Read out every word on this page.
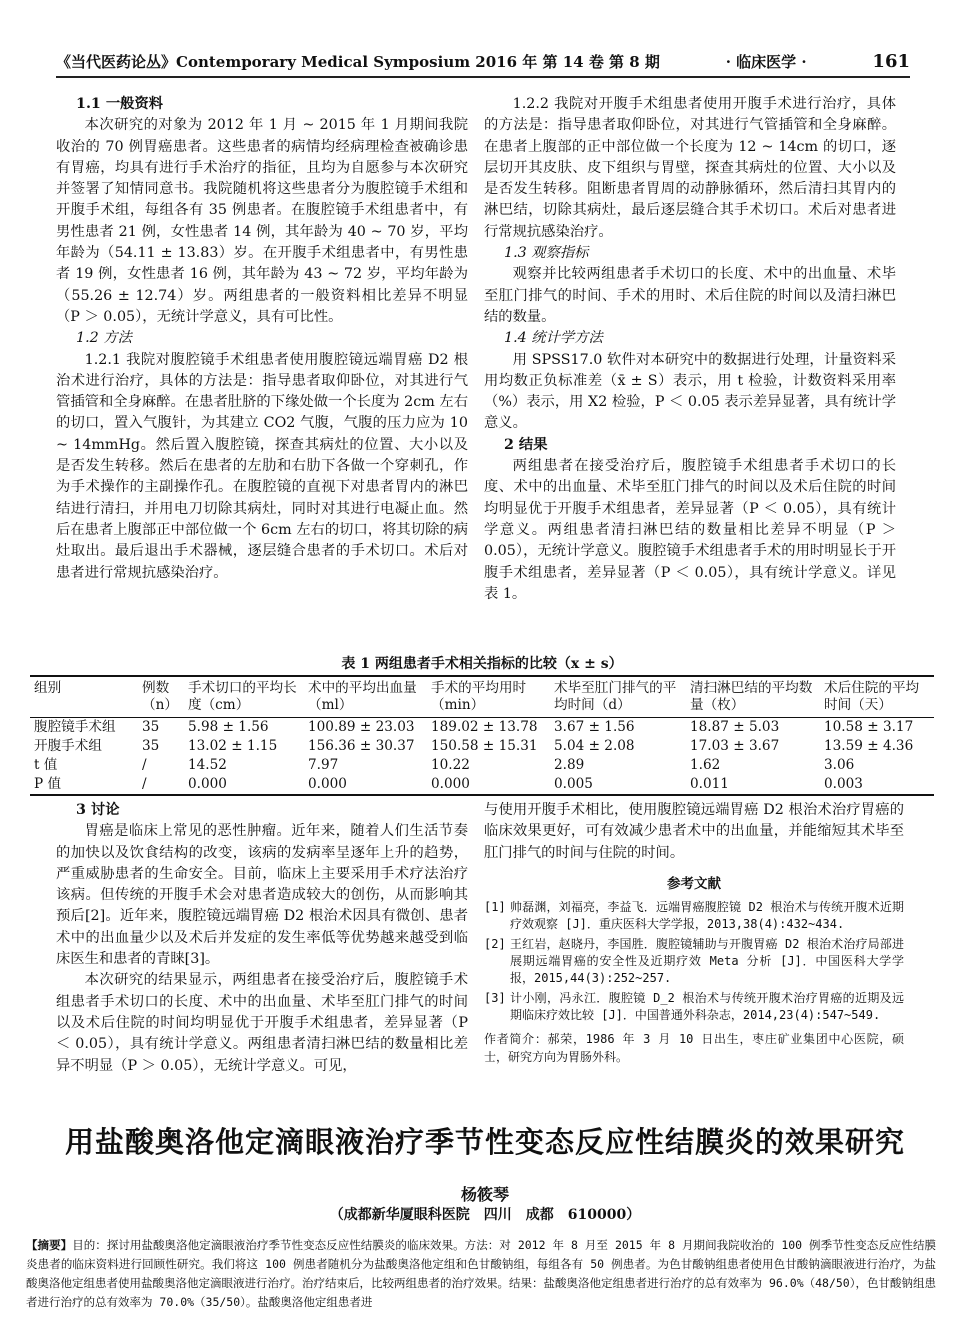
《当代医药论丛》Contemporary Medical Symposium 2016 年 第 14 卷 第 8 期	· 临床医学 ·	161

1.1 一般资料

本次研究的对象为 2012 年 1 月 ~ 2015 年 1 月期间我院收治的 70 例胃癌患者。这些患者的病情均经病理检查被确诊患有胃癌，均具有进行手术治疗的指征，且均为自愿参与本次研究并签署了知情同意书。我院随机将这些患者分为腹腔镜手术组和开腹手术组，每组各有 35 例患者。在腹腔镜手术组患者中，有男性患者 21 例，女性患者 14 例，其年龄为 40 ~ 70 岁，平均年龄为（54.11 ± 13.83）岁。在开腹手术组患者中，有男性患者 19 例，女性患者 16 例，其年龄为 43 ~ 72 岁，平均年龄为（55.26 ± 12.74）岁。两组患者的一般资料相比差异不明显（P ＞ 0.05），无统计学意义，具有可比性。

1.2 方法

1.2.1 我院对腹腔镜手术组患者使用腹腔镜远端胃癌 D2 根治术进行治疗，具体的方法是：指导患者取仰卧位，对其进行气管插管和全身麻醉。在患者肚脐的下缘处做一个长度为 2cm 左右的切口，置入气腹针，为其建立 CO2 气腹，气腹的压力应为 10 ~ 14mmHg。然后置入腹腔镜，探查其病灶的位置、大小以及是否发生转移。然后在患者的左肋和右肋下各做一个穿刺孔，作为手术操作的主副操作孔。在腹腔镜的直视下对患者胃内的淋巴结进行清扫，并用电刀切除其病灶，同时对其进行电凝止血。然后在患者上腹部正中部位做一个 6cm 左右的切口，将其切除的病灶取出。最后退出手术器械，逐层缝合患者的手术切口。术后对患者进行常规抗感染治疗。

1.2.2 我院对开腹手术组患者使用开腹手术进行治疗，具体的方法是：指导患者取仰卧位，对其进行气管插管和全身麻醉。在患者上腹部的正中部位做一个长度为 12 ~ 14cm 的切口，逐层切开其皮肤、皮下组织与胃壁，探查其病灶的位置、大小以及是否发生转移。阻断患者胃周的动静脉循环，然后清扫其胃内的淋巴结，切除其病灶，最后逐层缝合其手术切口。术后对患者进行常规抗感染治疗。

1.3 观察指标

观察并比较两组患者手术切口的长度、术中的出血量、术毕至肛门排气的时间、手术的用时、术后住院的时间以及清扫淋巴结的数量。

1.4 统计学方法

用 SPSS17.0 软件对本研究中的数据进行处理，计量资料采用均数正负标准差（x̄ ± S）表示，用 t 检验，计数资料采用率（%）表示，用 X2 检验，P ＜ 0.05 表示差异显著，具有统计学意义。

2 结果

两组患者在接受治疗后，腹腔镜手术组患者手术切口的长度、术中的出血量、术毕至肛门排气的时间以及术后住院的时间均明显优于开腹手术组患者，差异显著（P ＜ 0.05），具有统计学意义。两组患者清扫淋巴结的数量相比差异不明显（P ＞ 0.05），无统计学意义。腹腔镜手术组患者手术的用时明显长于开腹手术组患者，差异显著（P ＜ 0.05），具有统计学意义。详见表 1。

表 1 两组患者手术相关指标的比较（x ± s）
组别	例数（n）	手术切口的平均长度（cm）	术中的平均出血量（ml）	手术的平均用时（min）	术毕至肛门排气的平均时间（d）	清扫淋巴结的平均数量（枚）	术后住院的平均时间（天）
腹腔镜手术组	35	5.98 ± 1.56	100.89 ± 23.03	189.02 ± 13.78	3.67 ± 1.56	18.87 ± 5.03	10.58 ± 3.17
开腹手术组	35	13.02 ± 1.15	156.36 ± 30.37	150.58 ± 15.31	5.04 ± 2.08	17.03 ± 3.67	13.59 ± 4.36
t 值	/	14.52	7.97	10.22	2.89	1.62	3.06
P 值	/	0.000	0.000	0.000	0.005	0.011	0.003

3 讨论

胃癌是临床上常见的恶性肿瘤。近年来，随着人们生活节奏的加快以及饮食结构的改变，该病的发病率呈逐年上升的趋势，严重威胁患者的生命安全。目前，临床上主要采用手术疗法治疗该病。但传统的开腹手术会对患者造成较大的创伤，从而影响其预后[2]。近年来，腹腔镜远端胃癌 D2 根治术因具有微创、患者术中的出血量少以及术后并发症的发生率低等优势越来越受到临床医生和患者的青睐[3]。

本次研究的结果显示，两组患者在接受治疗后，腹腔镜手术组患者手术切口的长度、术中的出血量、术毕至肛门排气的时间以及术后住院的时间均明显优于开腹手术组患者，差异显著（P ＜ 0.05），具有统计学意义。两组患者清扫淋巴结的数量相比差异不明显（P ＞ 0.05），无统计学意义。可见，

与使用开腹手术相比，使用腹腔镜远端胃癌 D2 根治术治疗胃癌的临床效果更好，可有效减少患者术中的出血量，并能缩短其术毕至肛门排气的时间与住院的时间。

参考文献
[1] 帅磊渊，刘福亮，李益飞．远端胃癌腹腔镜 D2 根治术与传统开腹术近期疗效观察 [J]．重庆医科大学学报，2013,38(4):432~434.
[2] 王红岩，赵晓丹，李国胜．腹腔镜辅助与开腹胃癌 D2 根治术治疗局部进展期远端胃癌的安全性及近期疗效 Meta 分析 [J]．中国医科大学学报，2015,44(3):252~257.
[3] 计小刚，冯永江．腹腔镜 D_2 根治术与传统开腹术治疗胃癌的近期及远期临床疗效比较 [J]．中国普通外科杂志，2014,23(4):547~549.
作者简介：郝荣，1986 年 3 月 10 日出生，枣庄矿业集团中心医院，硕士，研究方向为胃肠外科。
用盐酸奥洛他定滴眼液治疗季节性变态反应性结膜炎的效果研究
杨筱琴
（成都新华厦眼科医院　四川　成都　610000）
【摘要】目的：探讨用盐酸奥洛他定滴眼液治疗季节性变态反应性结膜炎的临床效果。方法：对 2012 年 8 月至 2015 年 8 月期间我院收治的 100 例季节性变态反应性结膜炎患者的临床资料进行回顾性研究。我们将这 100 例患者随机分为盐酸奥洛他定组和色甘酸钠组，每组各有 50 例患者。为色甘酸钠组患者使用色甘酸钠滴眼液进行治疗，为盐酸奥洛他定组患者使用盐酸奥洛他定滴眼液进行治疗。治疗结束后，比较两组患者的治疗效果。结果：盐酸奥洛他定组患者进行治疗的总有效率为 96.0%（48/50），色甘酸钠组患者进行治疗的总有效率为 70.0%（35/50）。盐酸奥洛他定组患者进
